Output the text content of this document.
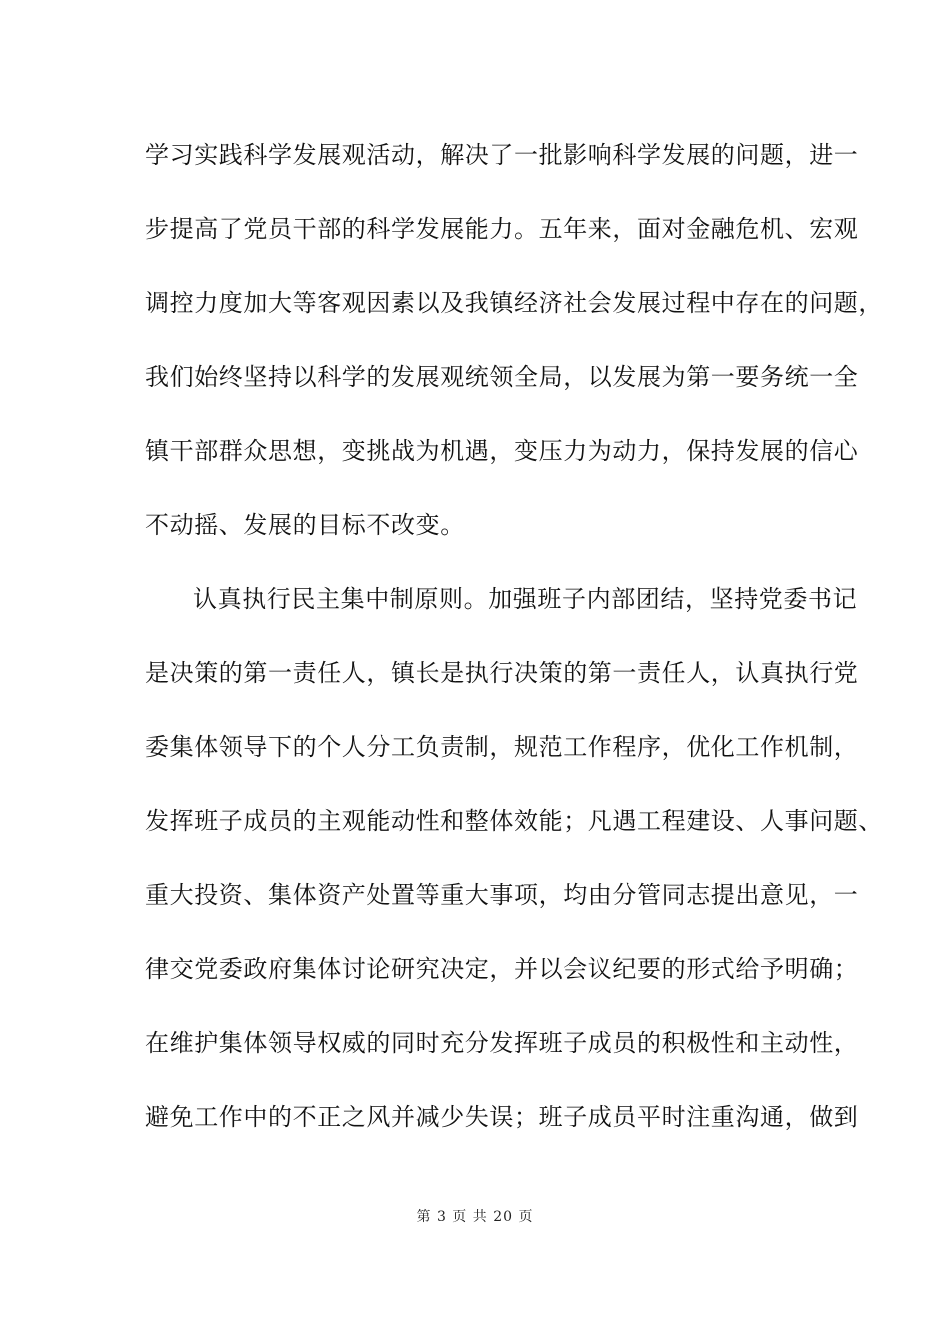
学习实践科学发展观活动，解决了一批影响科学发展的问题，进一
步提高了党员干部的科学发展能力。五年来，面对金融危机、宏观
调控力度加大等客观因素以及我镇经济社会发展过程中存在的问题，
我们始终坚持以科学的发展观统领全局，以发展为第一要务统一全
镇干部群众思想，变挑战为机遇，变压力为动力，保持发展的信心
不动摇、发展的目标不改变。
认真执行民主集中制原则。加强班子内部团结，坚持党委书记
是决策的第一责任人，镇长是执行决策的第一责任人，认真执行党
委集体领导下的个人分工负责制，规范工作程序，优化工作机制，
发挥班子成员的主观能动性和整体效能；凡遇工程建设、人事问题、
重大投资、集体资产处置等重大事项，均由分管同志提出意见，一
律交党委政府集体讨论研究决定，并以会议纪要的形式给予明确；
在维护集体领导权威的同时充分发挥班子成员的积极性和主动性，
避免工作中的不正之风并减少失误；班子成员平时注重沟通，做到
第 3 页 共 20 页
